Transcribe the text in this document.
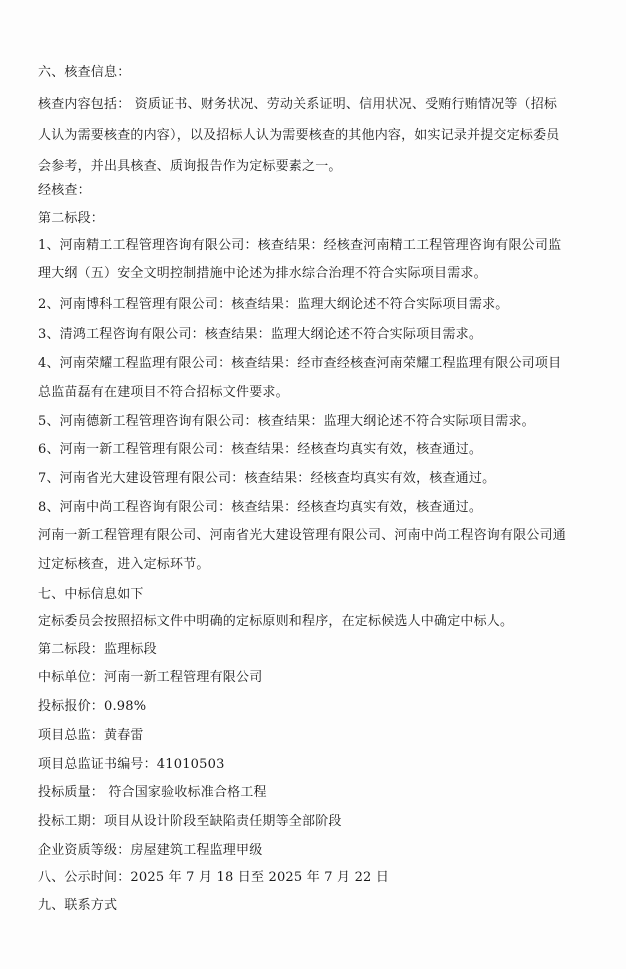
六、核查信息：
核查内容包括： 资质证书、财务状况、劳动关系证明、信用状况、受贿行贿情况等（招标
人认为需要核查的内容），以及招标人认为需要核查的其他内容，如实记录并提交定标委员
会参考，并出具核查、质询报告作为定标要素之一。
经核查：
第二标段：
1、河南精工工程管理咨询有限公司：核查结果：经核查河南精工工程管理咨询有限公司监
理大纲（五）安全文明控制措施中论述为排水综合治理不符合实际项目需求。
2、河南博科工程管理有限公司：核查结果：监理大纲论述不符合实际项目需求。
3、清鸿工程咨询有限公司：核查结果：监理大纲论述不符合实际项目需求。
4、河南荣耀工程监理有限公司：核查结果：经市查经核查河南荣耀工程监理有限公司项目
总监苗磊有在建项目不符合招标文件要求。
5、河南德新工程管理咨询有限公司：核查结果：监理大纲论述不符合实际项目需求。
6、河南一新工程管理有限公司：核查结果：经核查均真实有效，核查通过。
7、河南省光大建设管理有限公司：核查结果：经核查均真实有效，核查通过。
8、河南中尚工程咨询有限公司：核查结果：经核查均真实有效，核查通过。
河南一新工程管理有限公司、河南省光大建设管理有限公司、河南中尚工程咨询有限公司通
过定标核查，进入定标环节。
七、中标信息如下
定标委员会按照招标文件中明确的定标原则和程序，在定标候选人中确定中标人。
第二标段：监理标段
中标单位：河南一新工程管理有限公司
投标报价：0.98%
项目总监：黄春雷
项目总监证书编号：41010503
投标质量： 符合国家验收标准合格工程
投标工期：项目从设计阶段至缺陷责任期等全部阶段
企业资质等级：房屋建筑工程监理甲级
八、公示时间：2025 年 7 月 18 日至 2025 年 7 月 22 日
九、联系方式
